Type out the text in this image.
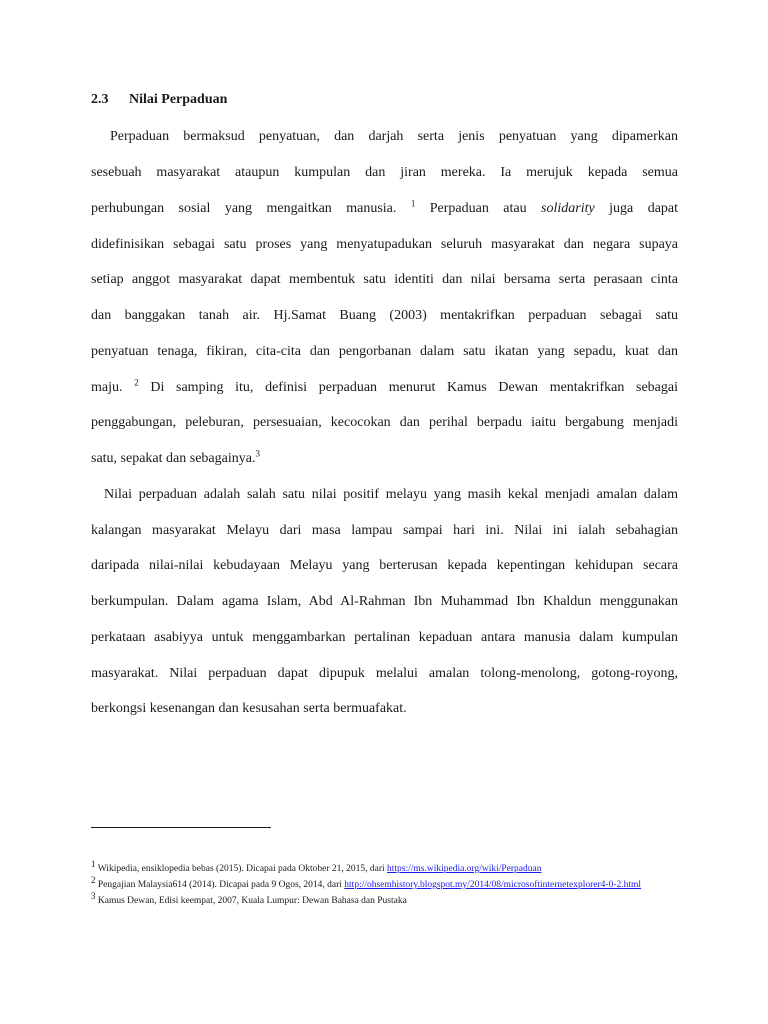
2.3 Nilai Perpaduan
Perpaduan bermaksud penyatuan, dan darjah serta jenis penyatuan yang dipamerkan
sesebuah masyarakat ataupun kumpulan dan jiran mereka. Ia merujuk kepada semua
perhubungan sosial yang mengaitkan manusia. $^1$ Perpaduan atau solidarity juga dapat
didefinisikan sebagai satu proses yang menyatupadukan seluruh masyarakat dan negara supaya
setiap anggot masyarakat dapat membentuk satu identiti dan nilai bersama serta perasaan cinta
dan banggakan tanah air. Hj.Samat Buang (2003) mentakrifkan perpaduan sebagai satu
penyatuan tenaga, fikiran, cita-cita dan pengorbanan dalam satu ikatan yang sepadu, kuat dan
maju. $^2$ Di samping itu, definisi perpaduan menurut Kamus Dewan mentakrifkan sebagai
penggabungan, peleburan, persesuaian, kecocokan dan perihal berpadu iaitu bergabung menjadi
satu, sepakat dan sebagainya.$^3$
Nilai perpaduan adalah salah satu nilai positif melayu yang masih kekal menjadi amalan dalam
kalangan masyarakat Melayu dari masa lampau sampai hari ini. Nilai ini ialah sebahagian
daripada nilai-nilai kebudayaan Melayu yang berterusan kepada kepentingan kehidupan secara
berkumpulan. Dalam agama Islam, Abd Al-Rahman Ibn Muhammad Ibn Khaldun menggunakan
perkataan asabiyya untuk menggambarkan pertalinan kepaduan antara manusia dalam kumpulan
masyarakat. Nilai perpaduan dapat dipupuk melalui amalan tolong-menolong, gotong-royong,
berkongsi kesenangan dan kesusahan serta bermuafakat.
$^1$ Wikipedia, ensiklopedia bebas (2015). Dicapai pada Oktober 21, 2015, dari https://ms.wikipedia.org/wiki/Perpaduan
$^2$ Pengajian Malaysia614 (2014). Dicapai pada 9 Ogos, 2014, dari http://ohsemhistory.blogspot.my/2014/08/microsoftinternetexplorer4-0-2.html
$^3$ Kamus Dewan, Edisi keempat, 2007, Kuala Lumpur: Dewan Bahasa dan Pustaka
